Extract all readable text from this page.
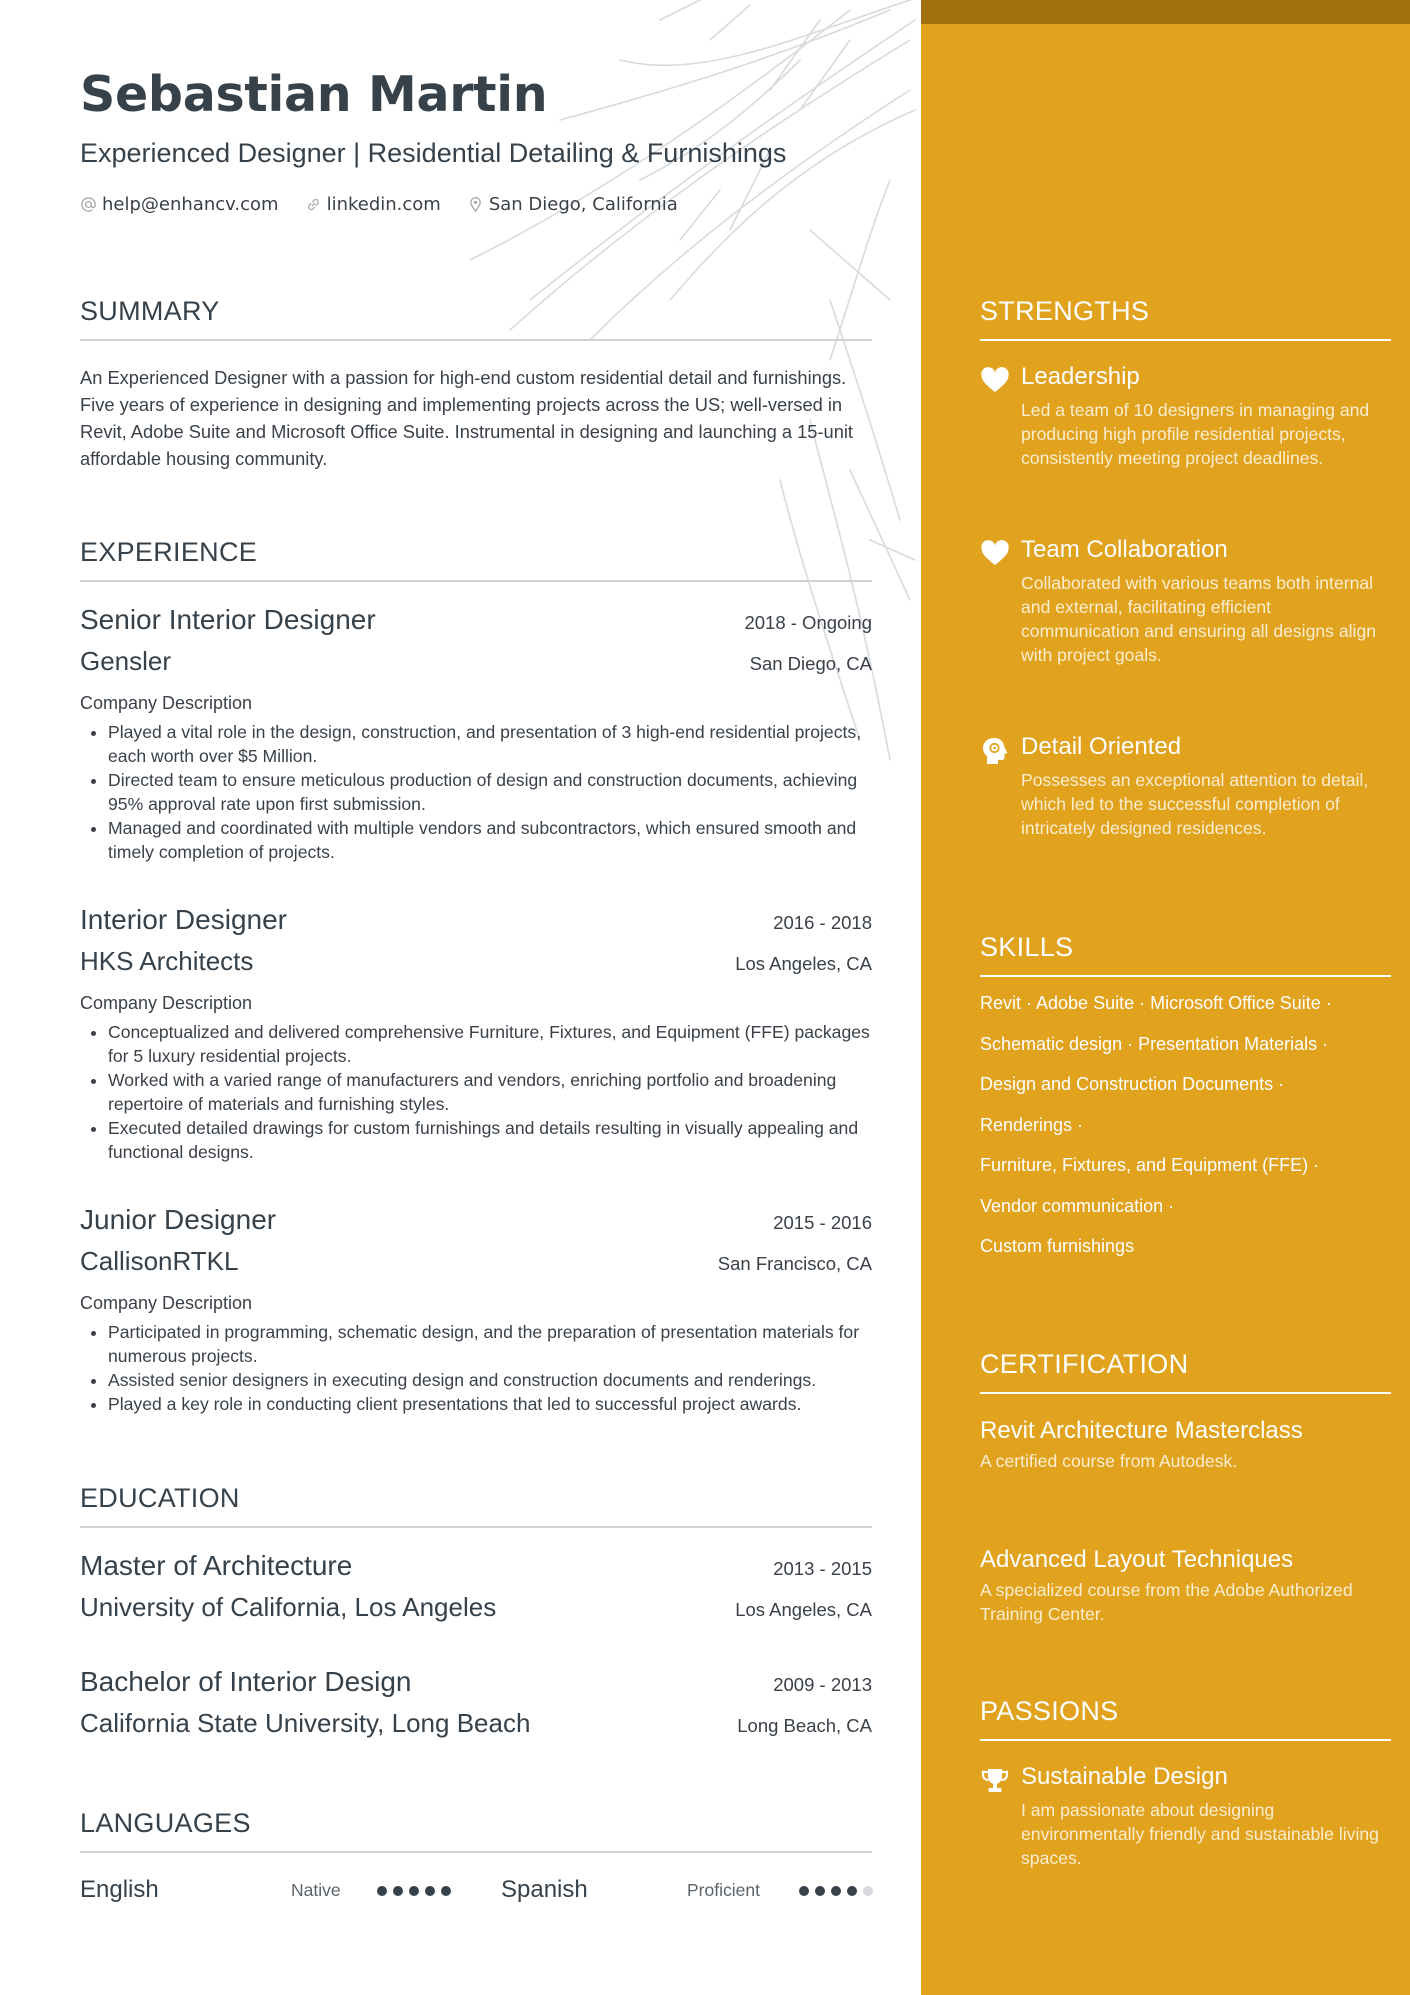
Sebastian Martin
Experienced Designer | Residential Detailing & Furnishings
help@enhancv.com	linkedin.com	San Diego, California
SUMMARY

An Experienced Designer with a passion for high-end custom residential detail and furnishings. Five years of experience in designing and implementing projects across the US; well-versed in Revit, Adobe Suite and Microsoft Office Suite. Instrumental in designing and launching a 15-unit affordable housing community.

EXPERIENCE
Senior Interior Designer	2018 - Ongoing
Gensler	San Diego, CA
Company Description
• Played a vital role in the design, construction, and presentation of 3 high-end residential projects, each worth over $5 Million.
• Directed team to ensure meticulous production of design and construction documents, achieving 95% approval rate upon first submission.
• Managed and coordinated with multiple vendors and subcontractors, which ensured smooth and timely completion of projects.
Interior Designer	2016 - 2018
HKS Architects	Los Angeles, CA
Company Description
• Conceptualized and delivered comprehensive Furniture, Fixtures, and Equipment (FFE) packages for 5 luxury residential projects.
• Worked with a varied range of manufacturers and vendors, enriching portfolio and broadening repertoire of materials and furnishing styles.
• Executed detailed drawings for custom furnishings and details resulting in visually appealing and functional designs.
Junior Designer	2015 - 2016
CallisonRTKL	San Francisco, CA
Company Description
• Participated in programming, schematic design, and the preparation of presentation materials for numerous projects.
• Assisted senior designers in executing design and construction documents and renderings.
• Played a key role in conducting client presentations that led to successful project awards.
EDUCATION
Master of Architecture	2013 - 2015
University of California, Los Angeles	Los Angeles, CA
Bachelor of Interior Design	2009 - 2013
California State University, Long Beach	Long Beach, CA
LANGUAGES
English	Native	Spanish	Proficient
STRENGTHS
Leadership

Led a team of 10 designers in managing and producing high profile residential projects, consistently meeting project deadlines.

Team Collaboration

Collaborated with various teams both internal and external, facilitating efficient communication and ensuring all designs align with project goals.

Detail Oriented

Possesses an exceptional attention to detail, which led to the successful completion of intricately designed residences.

SKILLS
Revit · Adobe Suite · Microsoft Office Suite ·
Schematic design · Presentation Materials ·
Design and Construction Documents ·
Renderings ·
Furniture, Fixtures, and Equipment (FFE) ·
Vendor communication ·
Custom furnishings
CERTIFICATION
Revit Architecture Masterclass
A certified course from Autodesk.
Advanced Layout Techniques
A specialized course from the Adobe Authorized Training Center.
PASSIONS
Sustainable Design

I am passionate about designing environmentally friendly and sustainable living spaces.
